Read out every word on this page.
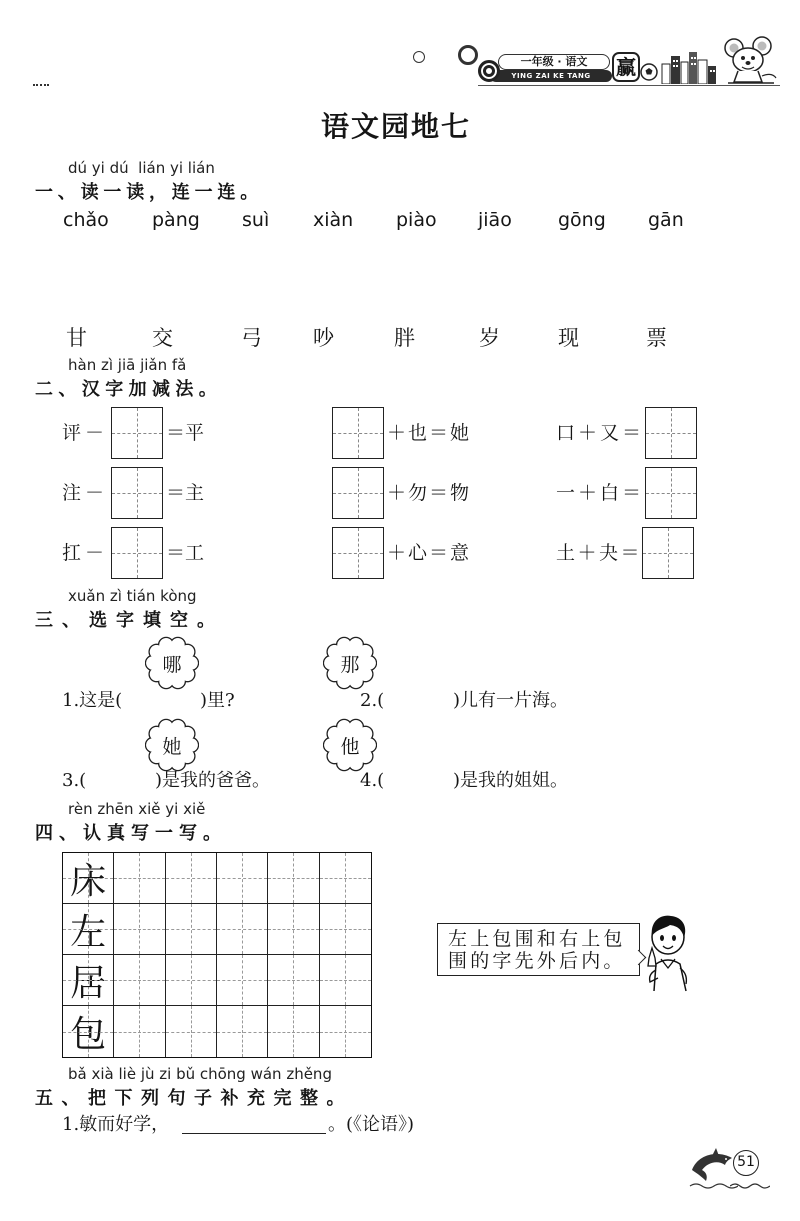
一年级 · 语文
YING ZAI KE TANG	赢
语文园地七
dú yi dú  lián yi lián
一、读一读，连一连。
chǎo pàng suì xiàn piào jiāo gōng gān
甘	交	弓 吵	胖	岁	现	票
hàn zì jiā jiǎn fǎ
二、汉字加减法。
评－	＝平	＋也＝她	口＋又＝
注－	＝主	＋勿＝物	一＋白＝
扛－	＝工	＋心＝意	土＋夬＝
xuǎn zì tián kòng
三、选字填空。
哪	那
1.这是(	)里?	2.(	)儿有一片海。
她	他
3.(	)是我的爸爸。	4.(	)是我的姐姐。
rèn zhēn xiě yi xiě
四、认真写一写。
床
左
居
包
左上包围和右上包
围的字先外后内。
bǎ xià liè jù zi bǔ chōng wán zhěng
五、把下列句子补充完整。
1.敏而好学，	。(《论语》)
51
